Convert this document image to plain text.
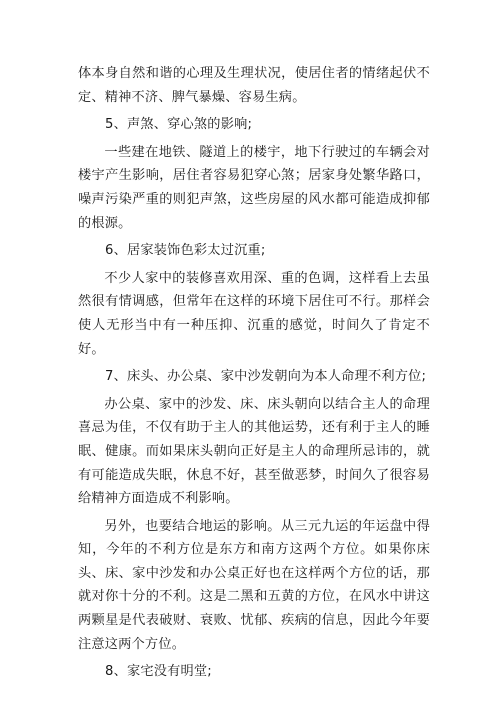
体本身自然和谐的心理及生理状况，使居住者的情绪起伏不定、精神不济、脾气暴燥、容易生病。

5、声煞、穿心煞的影响;

一些建在地铁、隧道上的楼宇，地下行驶过的车辆会对楼宇产生影响，居住者容易犯穿心煞；居家身处繁华路口，噪声污染严重的则犯声煞，这些房屋的风水都可能造成抑郁的根源。

6、居家装饰色彩太过沉重;

不少人家中的装修喜欢用深、重的色调，这样看上去虽然很有情调感，但常年在这样的环境下居住可不行。那样会使人无形当中有一种压抑、沉重的感觉，时间久了肯定不好。

7、床头、办公桌、家中沙发朝向为本人命理不利方位;

办公桌、家中的沙发、床、床头朝向以结合主人的命理喜忌为佳，不仅有助于主人的其他运势，还有利于主人的睡眠、健康。而如果床头朝向正好是主人的命理所忌讳的，就有可能造成失眠，休息不好，甚至做恶梦，时间久了很容易给精神方面造成不利影响。

另外，也要结合地运的影响。从三元九运的年运盘中得知，今年的不利方位是东方和南方这两个方位。如果你床头、床、家中沙发和办公桌正好也在这样两个方位的话，那就对你十分的不利。这是二黑和五黄的方位，在风水中讲这两颗星是代表破财、衰败、忧郁、疾病的信息，因此今年要注意这两个方位。

8、家宅没有明堂;
